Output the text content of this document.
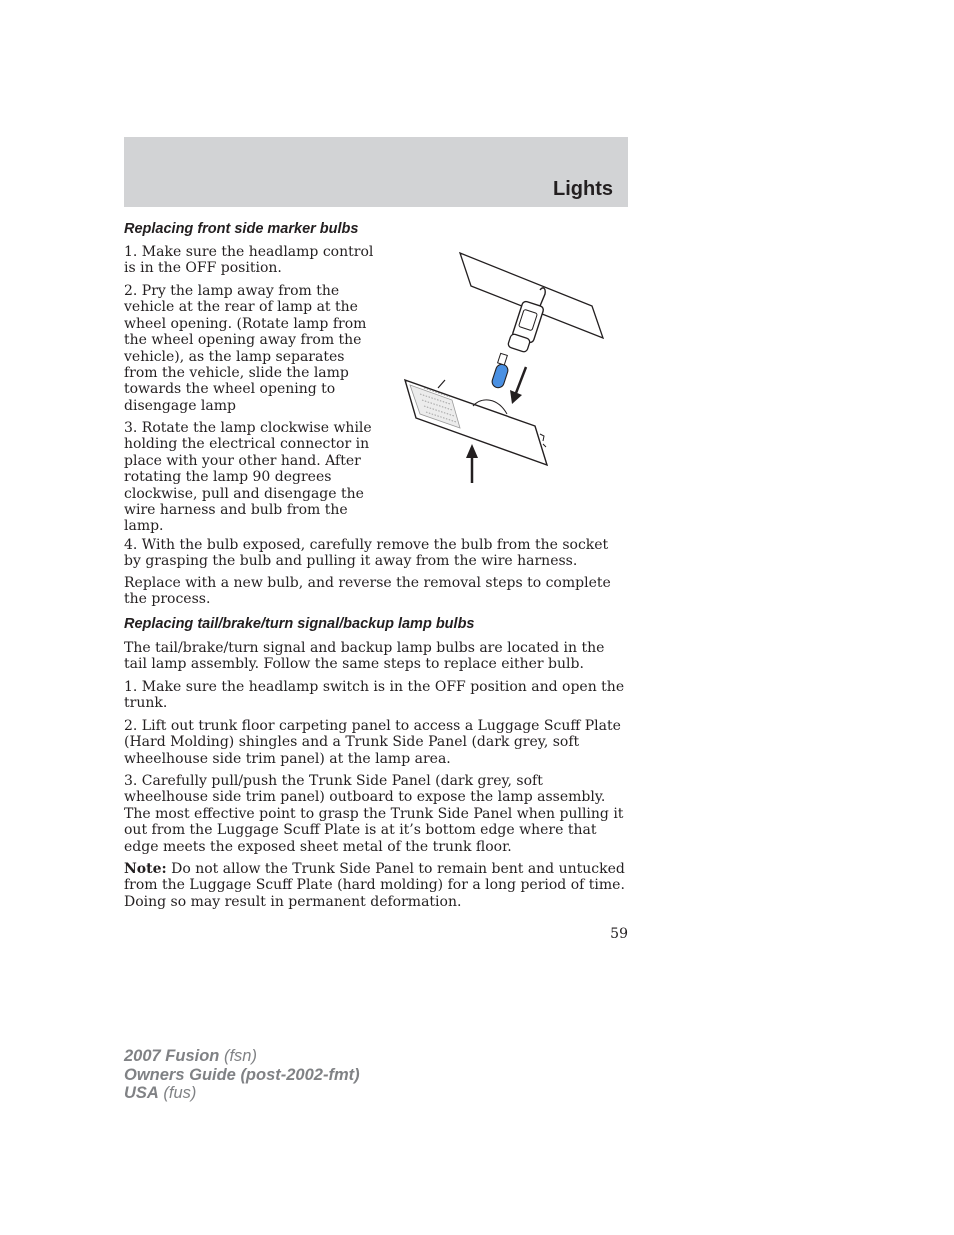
Lights
Replacing front side marker bulbs

1. Make sure the headlamp control is in the OFF position.

2. Pry the lamp away from the vehicle at the rear of lamp at the wheel opening. (Rotate lamp from the wheel opening away from the vehicle), as the lamp separates from the vehicle, slide the lamp towards the wheel opening to disengage lamp

3. Rotate the lamp clockwise while holding the electrical connector in place with your other hand. After rotating the lamp 90 degrees clockwise, pull and disengage the wire harness and bulb from the lamp.

4. With the bulb exposed, carefully remove the bulb from the socket by grasping the bulb and pulling it away from the wire harness.

Replace with a new bulb, and reverse the removal steps to complete the process.

Replacing tail/brake/turn signal/backup lamp bulbs

The tail/brake/turn signal and backup lamp bulbs are located in the tail lamp assembly. Follow the same steps to replace either bulb.

1. Make sure the headlamp switch is in the OFF position and open the trunk.

2. Lift out trunk floor carpeting panel to access a Luggage Scuff Plate (Hard Molding) shingles and a Trunk Side Panel (dark grey, soft wheelhouse side trim panel) at the lamp area.

3. Carefully pull/push the Trunk Side Panel (dark grey, soft wheelhouse side trim panel) outboard to expose the lamp assembly. The most effective point to grasp the Trunk Side Panel when pulling it out from the Luggage Scuff Plate is at it’s bottom edge where that edge meets the exposed sheet metal of the trunk floor.

Note: Do not allow the Trunk Side Panel to remain bent and untucked from the Luggage Scuff Plate (hard molding) for a long period of time. Doing so may result in permanent deformation.

59
2007 Fusion (fsn)
Owners Guide (post-2002-fmt)
USA (fus)
